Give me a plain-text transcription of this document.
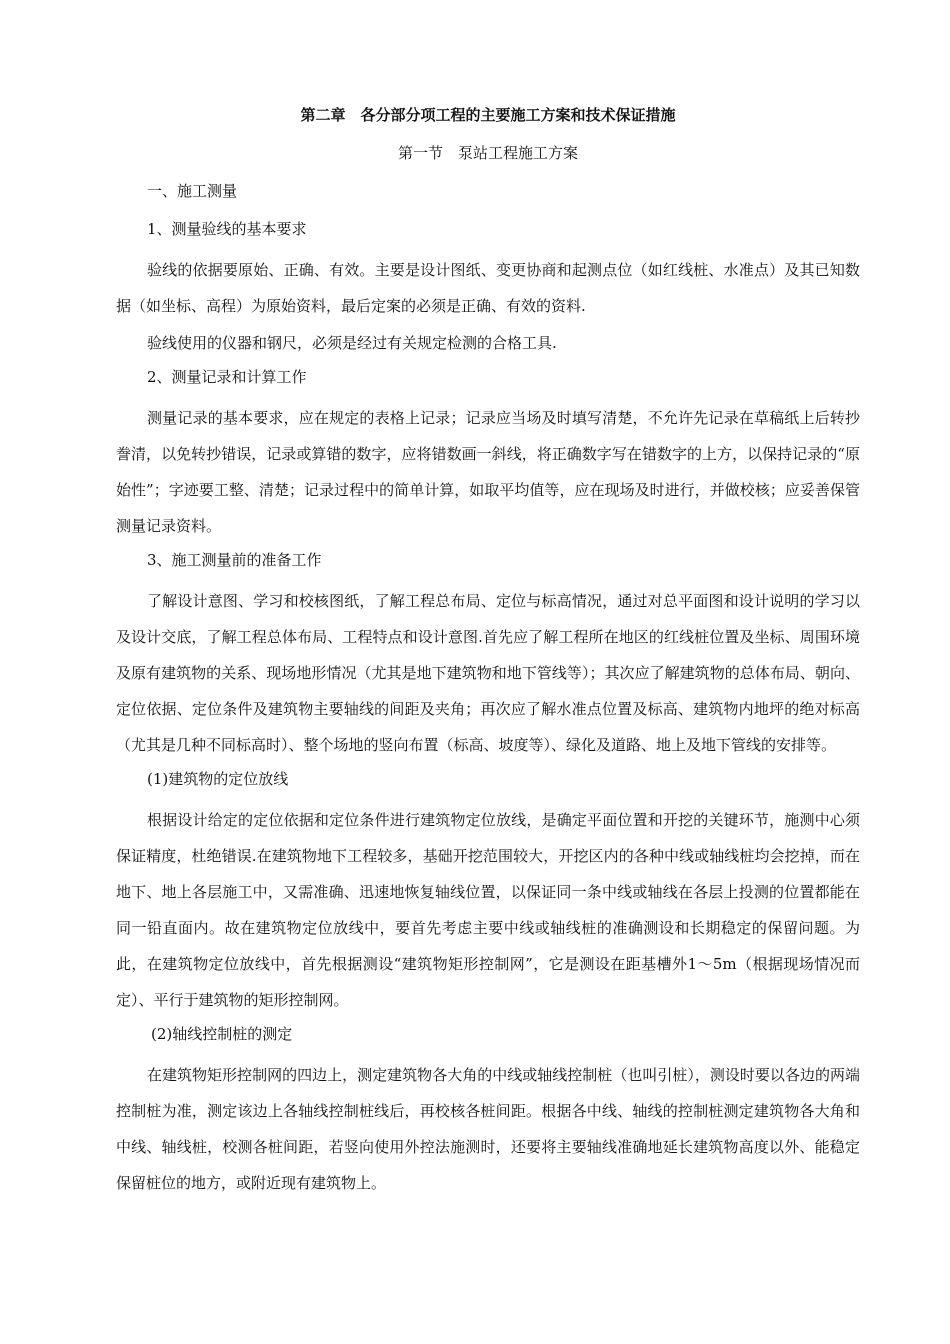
第二章　各分部分项工程的主要施工方案和技术保证措施
第一节　泵站工程施工方案
一、施工测量
1、测量验线的基本要求

验线的依据要原始、正确、有效。主要是设计图纸、变更协商和起测点位（如红线桩、水准点）及其已知数据（如坐标、高程）为原始资料，最后定案的必须是正确、有效的资料.

验线使用的仪器和钢尺，必须是经过有关规定检测的合格工具.

2、测量记录和计算工作

测量记录的基本要求，应在规定的表格上记录；记录应当场及时填写清楚，不允许先记录在草稿纸上后转抄誊清，以免转抄错误，记录或算错的数字，应将错数画一斜线，将正确数字写在错数字的上方，以保持记录的“原始性”；字迹要工整、清楚；记录过程中的简单计算，如取平均值等，应在现场及时进行，并做校核；应妥善保管测量记录资料。

3、施工测量前的准备工作

了解设计意图、学习和校核图纸，了解工程总布局、定位与标高情况，通过对总平面图和设计说明的学习以及设计交底，了解工程总体布局、工程特点和设计意图.首先应了解工程所在地区的红线桩位置及坐标、周围环境及原有建筑物的关系、现场地形情况（尤其是地下建筑物和地下管线等）；其次应了解建筑物的总体布局、朝向、定位依据、定位条件及建筑物主要轴线的间距及夹角；再次应了解水准点位置及标高、建筑物内地坪的绝对标高（尤其是几种不同标高时）、整个场地的竖向布置（标高、坡度等）、绿化及道路、地上及地下管线的安排等。

(1)建筑物的定位放线

根据设计给定的定位依据和定位条件进行建筑物定位放线，是确定平面位置和开挖的关键环节，施测中心须保证精度，杜绝错误.在建筑物地下工程较多，基础开挖范围较大，开挖区内的各种中线或轴线桩均会挖掉，而在地下、地上各层施工中，又需准确、迅速地恢复轴线位置，以保证同一条中线或轴线在各层上投测的位置都能在同一铅直面内。故在建筑物定位放线中，要首先考虑主要中线或轴线桩的准确测设和长期稳定的保留问题。为此，在建筑物定位放线中，首先根据测设“建筑物矩形控制网”，它是测设在距基槽外1～5m（根据现场情况而定）、平行于建筑物的矩形控制网。

(2)轴线控制桩的测定

在建筑物矩形控制网的四边上，测定建筑物各大角的中线或轴线控制桩（也叫引桩），测设时要以各边的两端控制桩为准，测定该边上各轴线控制桩线后，再校核各桩间距。根据各中线、轴线的控制桩测定建筑物各大角和中线、轴线桩，校测各桩间距，若竖向使用外控法施测时，还要将主要轴线准确地延长建筑物高度以外、能稳定保留桩位的地方，或附近现有建筑物上。
